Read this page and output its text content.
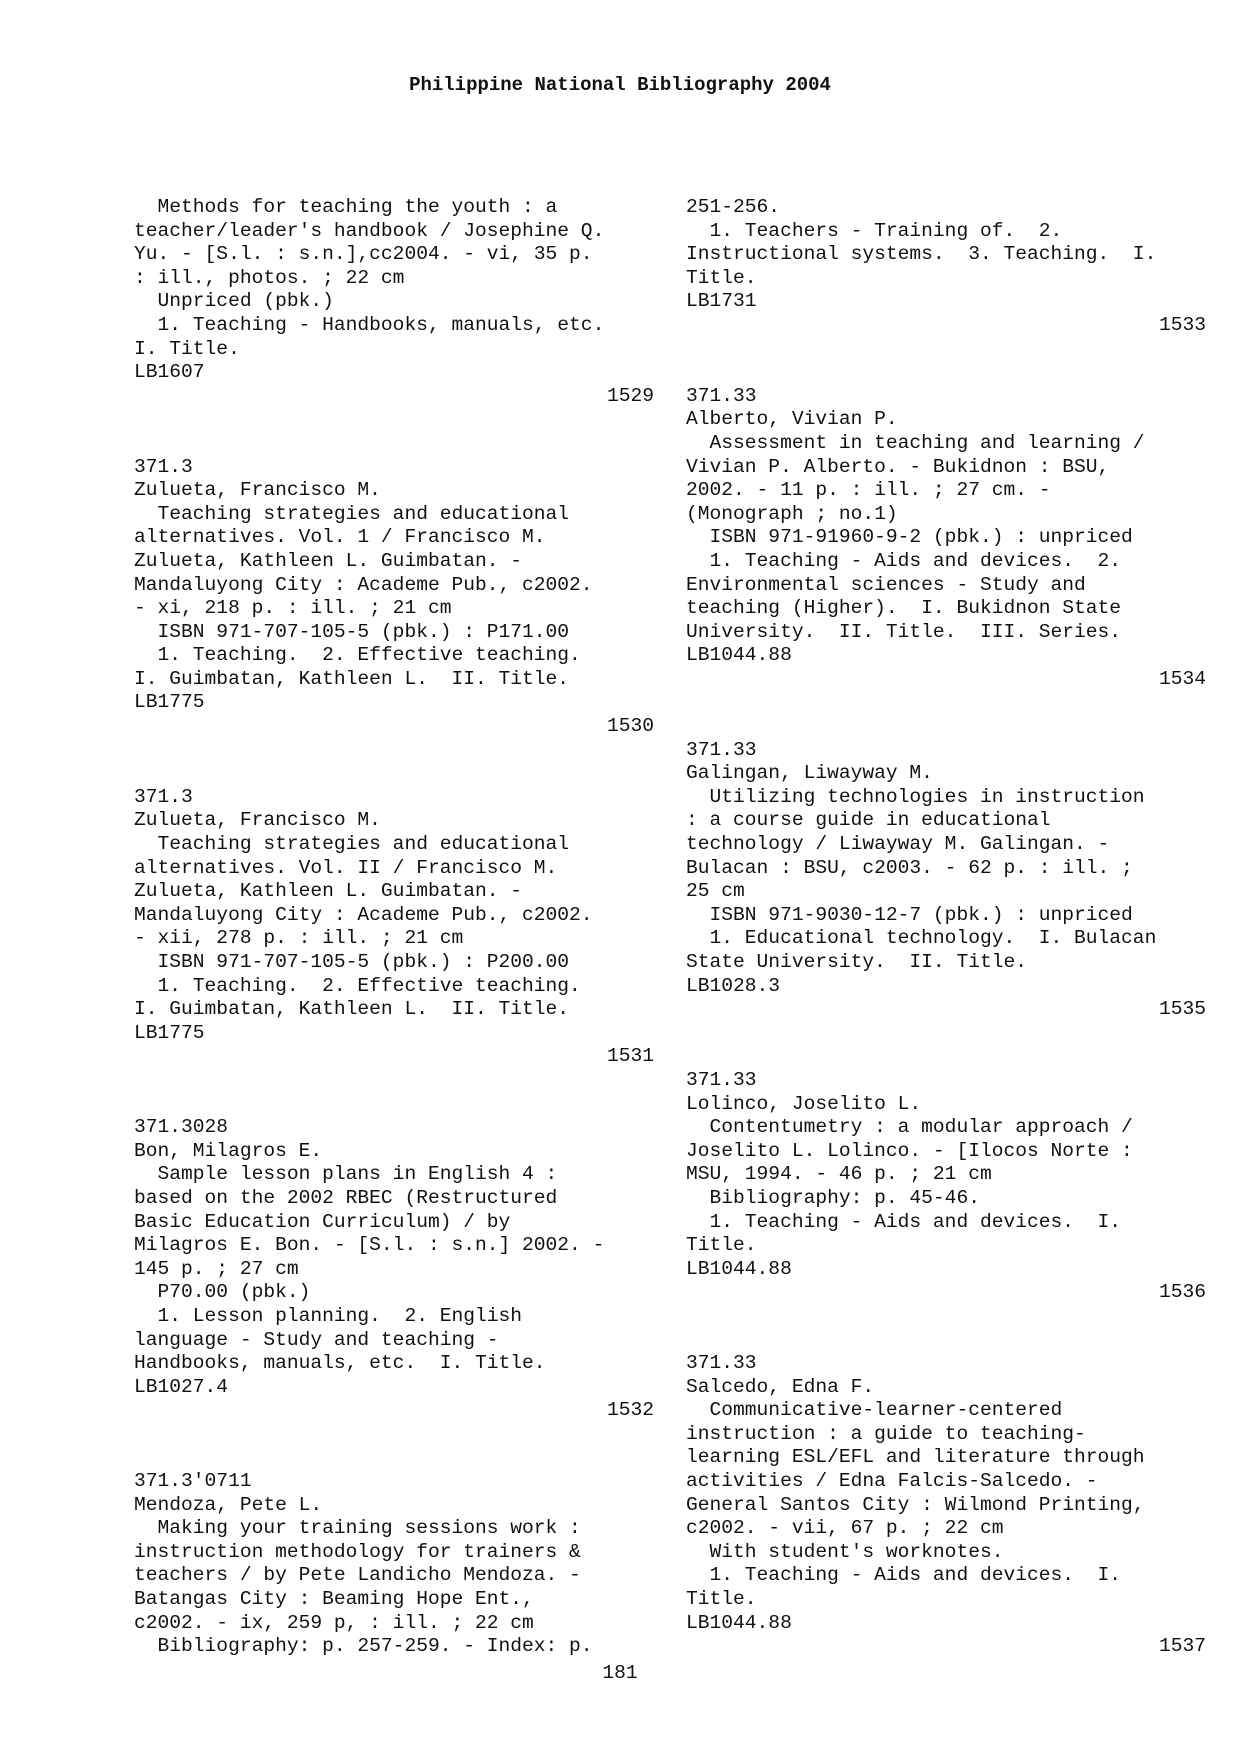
Philippine National Bibliography 2004
Methods for teaching the youth : a
teacher/leader's handbook / Josephine Q.
Yu. - [S.l. : s.n.],cc2004. - vi, 35 p.
: ill., photos. ; 22 cm
Unpriced (pbk.)
1. Teaching - Handbooks, manuals, etc.
I. Title.
LB1607
1529
371.3
Zulueta, Francisco M.
Teaching strategies and educational
alternatives. Vol. 1 / Francisco M.
Zulueta, Kathleen L. Guimbatan. -
Mandaluyong City : Academe Pub., c2002.
- xi, 218 p. : ill. ; 21 cm
ISBN 971-707-105-5 (pbk.) : P171.00
1. Teaching.  2. Effective teaching.
I. Guimbatan, Kathleen L.  II. Title.
LB1775
1530
371.3
Zulueta, Francisco M.
Teaching strategies and educational
alternatives. Vol. II / Francisco M.
Zulueta, Kathleen L. Guimbatan. -
Mandaluyong City : Academe Pub., c2002.
- xii, 278 p. : ill. ; 21 cm
ISBN 971-707-105-5 (pbk.) : P200.00
1. Teaching.  2. Effective teaching.
I. Guimbatan, Kathleen L.  II. Title.
LB1775
1531
371.3028
Bon, Milagros E.
Sample lesson plans in English 4 :
based on the 2002 RBEC (Restructured
Basic Education Curriculum) / by
Milagros E. Bon. - [S.l. : s.n.] 2002. -
145 p. ; 27 cm
P70.00 (pbk.)
1. Lesson planning.  2. English
language - Study and teaching -
Handbooks, manuals, etc.  I. Title.
LB1027.4
1532
371.3'0711
Mendoza, Pete L.
Making your training sessions work :
instruction methodology for trainers &
teachers / by Pete Landicho Mendoza. -
Batangas City : Beaming Hope Ent.,
c2002. - ix, 259 p, : ill. ; 22 cm
Bibliography: p. 257-259. - Index: p.
251-256.
1. Teachers - Training of.  2.
Instructional systems.  3. Teaching.  I.
Title.
LB1731
1533
371.33
Alberto, Vivian P.
Assessment in teaching and learning /
Vivian P. Alberto. - Bukidnon : BSU,
2002. - 11 p. : ill. ; 27 cm. -
(Monograph ; no.1)
ISBN 971-91960-9-2 (pbk.) : unpriced
1. Teaching - Aids and devices.  2.
Environmental sciences - Study and
teaching (Higher).  I. Bukidnon State
University.  II. Title.  III. Series.
LB1044.88
1534
371.33
Galingan, Liwayway M.
Utilizing technologies in instruction
: a course guide in educational
technology / Liwayway M. Galingan. -
Bulacan : BSU, c2003. - 62 p. : ill. ;
25 cm
ISBN 971-9030-12-7 (pbk.) : unpriced
1. Educational technology.  I. Bulacan
State University.  II. Title.
LB1028.3
1535
371.33
Lolinco, Joselito L.
Contentumetry : a modular approach /
Joselito L. Lolinco. - [Ilocos Norte :
MSU, 1994. - 46 p. ; 21 cm
Bibliography: p. 45-46.
1. Teaching - Aids and devices.  I.
Title.
LB1044.88
1536
371.33
Salcedo, Edna F.
Communicative-learner-centered
instruction : a guide to teaching-
learning ESL/EFL and literature through
activities / Edna Falcis-Salcedo. -
General Santos City : Wilmond Printing,
c2002. - vii, 67 p. ; 22 cm
With student's worknotes.
1. Teaching - Aids and devices.  I.
Title.
LB1044.88
1537
181
